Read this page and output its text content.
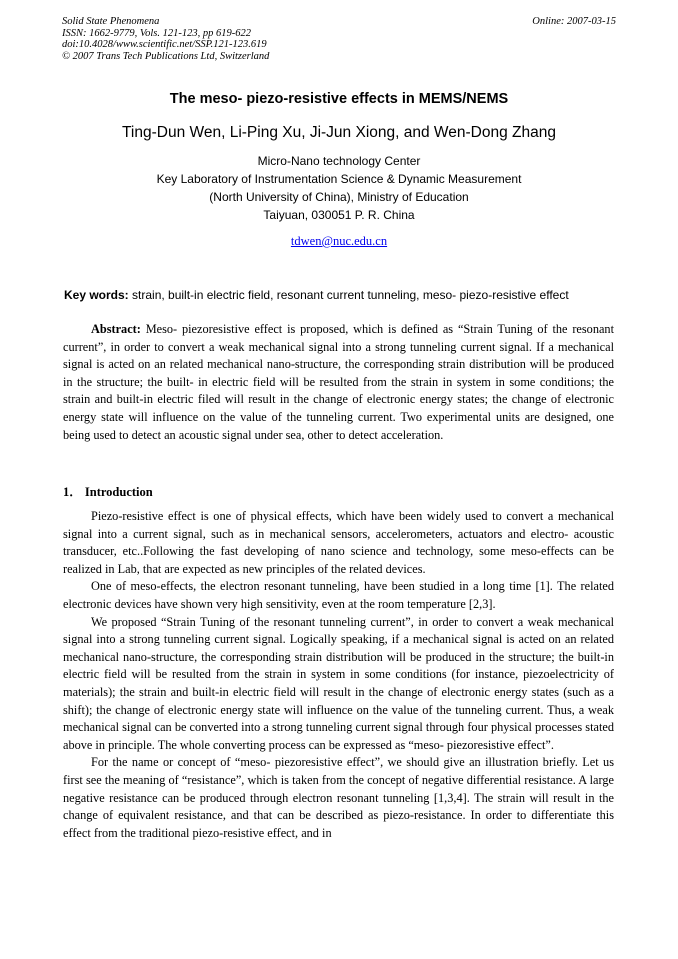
Solid State Phenomena
ISSN: 1662-9779, Vols. 121-123, pp 619-622
doi:10.4028/www.scientific.net/SSP.121-123.619
© 2007 Trans Tech Publications Ltd, Switzerland
Online: 2007-03-15
The meso- piezo-resistive effects in MEMS/NEMS
Ting-Dun Wen, Li-Ping Xu, Ji-Jun Xiong, and Wen-Dong Zhang
Micro-Nano technology Center
Key Laboratory of Instrumentation Science & Dynamic Measurement
(North University of China), Ministry of Education
Taiyuan, 030051 P. R. China
tdwen@nuc.edu.cn
Key words: strain, built-in electric field, resonant current tunneling, meso- piezo-resistive effect

Abstract: Meso- piezoresistive effect is proposed, which is defined as “Strain Tuning of the resonant current”, in order to convert a weak mechanical signal into a strong tunneling current signal. If a mechanical signal is acted on an related mechanical nano-structure, the corresponding strain distribution will be produced in the structure; the built- in electric field will be resulted from the strain in system in some conditions; the strain and built-in electric filed will result in the change of electronic energy states; the change of electronic energy state will influence on the value of the tunneling current. Two experimental units are designed, one being used to detect an acoustic signal under sea, other to detect acceleration.

1． Introduction

Piezo-resistive effect is one of physical effects, which have been widely used to convert a mechanical signal into a current signal, such as in mechanical sensors, accelerometers, actuators and electro- acoustic transducer, etc..Following the fast developing of nano science and technology, some meso-effects can be realized in Lab, that are expected as new principles of the related devices.

One of meso-effects, the electron resonant tunneling, have been studied in a long time [1]. The related electronic devices have shown very high sensitivity, even at the room temperature [2,3].

We proposed “Strain Tuning of the resonant tunneling current”, in order to convert a weak mechanical signal into a strong tunneling current signal. Logically speaking, if a mechanical signal is acted on an related mechanical nano-structure, the corresponding strain distribution will be produced in the structure; the built-in electric field will be resulted from the strain in system in some conditions (for instance, piezoelectricity of materials); the strain and built-in electric field will result in the change of electronic energy states (such as a shift); the change of electronic energy state will influence on the value of the tunneling current. Thus, a weak mechanical signal can be converted into a strong tunneling current signal through four physical processes stated above in principle. The whole converting process can be expressed as “meso- piezoresistive effect”.

For the name or concept of “meso- piezoresistive effect”, we should give an illustration briefly. Let us first see the meaning of “resistance”, which is taken from the concept of negative differential resistance. A large negative resistance can be produced through electron resonant tunneling [1,3,4]. The strain will result in the change of equivalent resistance, and that can be described as piezo-resistance. In order to differentiate this effect from the traditional piezo-resistive effect, and in
